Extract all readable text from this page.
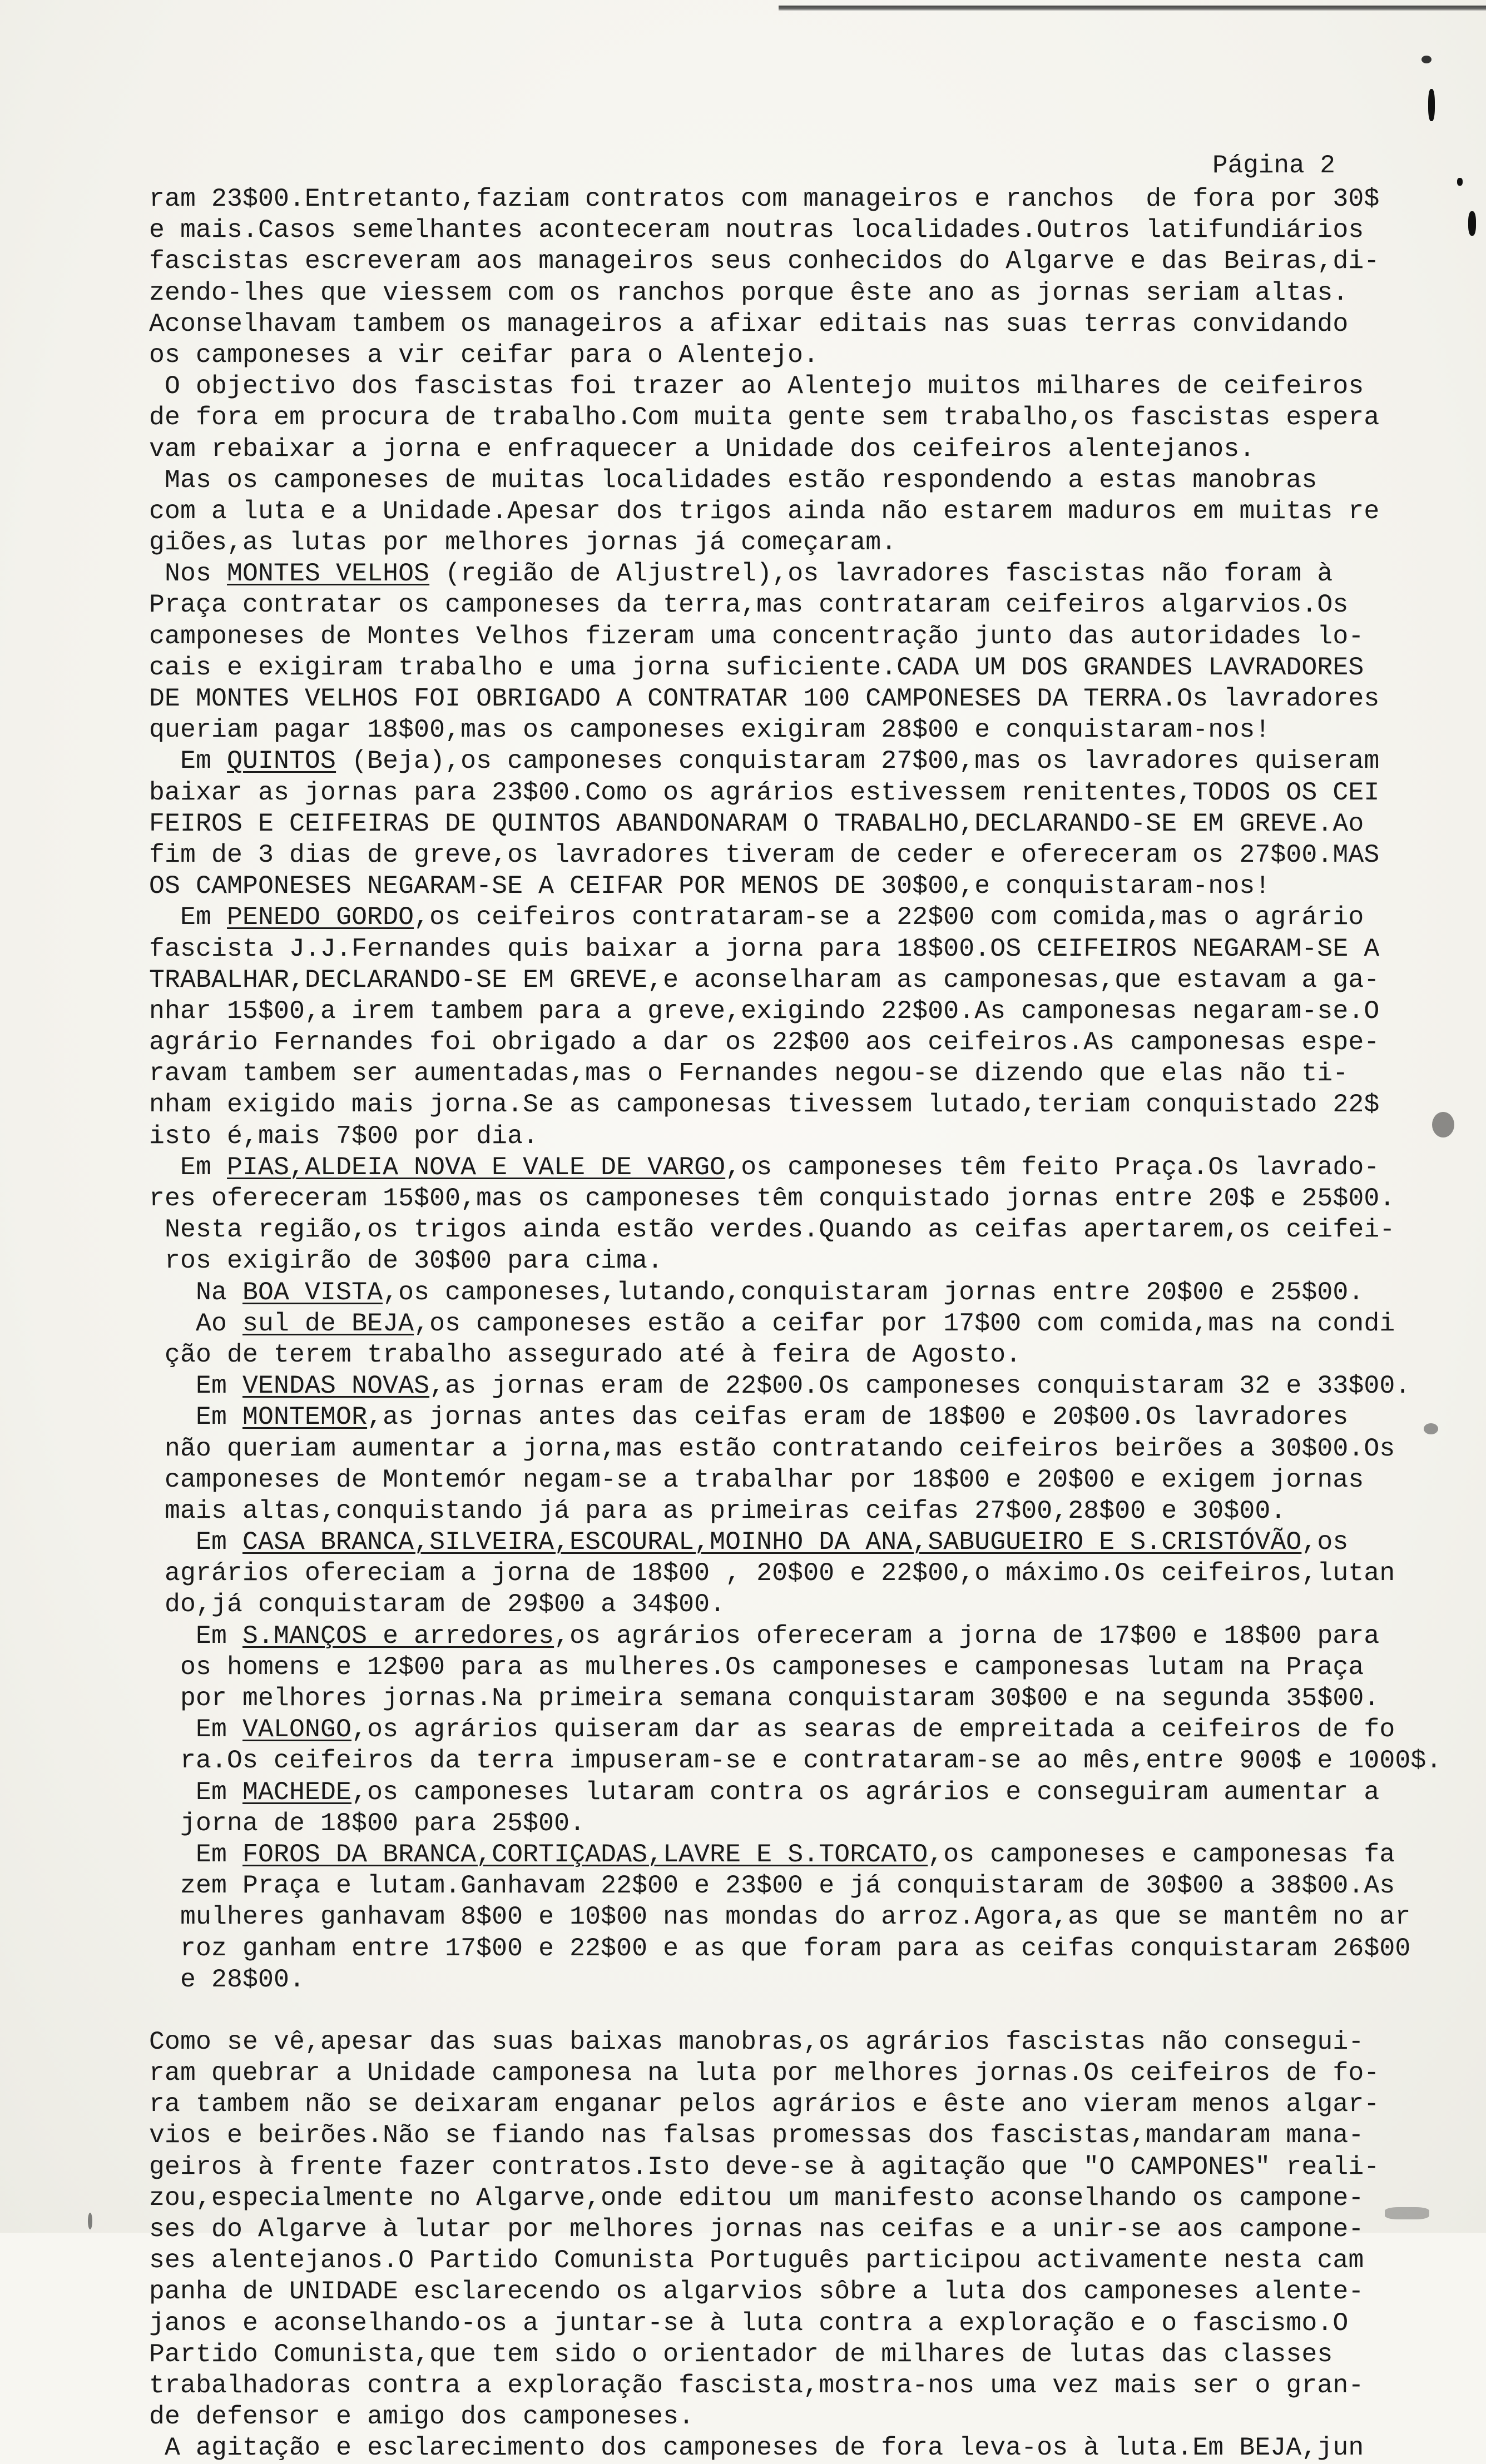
Página 2
ram 23$00.Entretanto,faziam contratos com manageiros e ranchos  de fora por 30$
e mais.Casos semelhantes aconteceram noutras localidades.Outros latifundiários
fascistas escreveram aos manageiros seus conhecidos do Algarve e das Beiras,di-
zendo-lhes que viessem com os ranchos porque êste ano as jornas seriam altas.
Aconselhavam tambem os manageiros a afixar editais nas suas terras convidando
os camponeses a vir ceifar para o Alentejo.
O objectivo dos fascistas foi trazer ao Alentejo muitos milhares de ceifeiros
de fora em procura de trabalho.Com muita gente sem trabalho,os fascistas espera
vam rebaixar a jorna e enfraquecer a Unidade dos ceifeiros alentejanos.
Mas os camponeses de muitas localidades estão respondendo a estas manobras
com a luta e a Unidade.Apesar dos trigos ainda não estarem maduros em muitas re
giões,as lutas por melhores jornas já começaram.
Nos MONTES VELHOS (região de Aljustrel),os lavradores fascistas não foram à
Praça contratar os camponeses da terra,mas contrataram ceifeiros algarvios.Os
camponeses de Montes Velhos fizeram uma concentração junto das autoridades lo-
cais e exigiram trabalho e uma jorna suficiente.CADA UM DOS GRANDES LAVRADORES
DE MONTES VELHOS FOI OBRIGADO A CONTRATAR 100 CAMPONESES DA TERRA.Os lavradores
queriam pagar 18$00,mas os camponeses exigiram 28$00 e conquistaram-nos!
Em QUINTOS (Beja),os camponeses conquistaram 27$00,mas os lavradores quiseram
baixar as jornas para 23$00.Como os agrários estivessem renitentes,TODOS OS CEI
FEIROS E CEIFEIRAS DE QUINTOS ABANDONARAM O TRABALHO,DECLARANDO-SE EM GREVE.Ao
fim de 3 dias de greve,os lavradores tiveram de ceder e ofereceram os 27$00.MAS
OS CAMPONESES NEGARAM-SE A CEIFAR POR MENOS DE 30$00,e conquistaram-nos!
Em PENEDO GORDO,os ceifeiros contrataram-se a 22$00 com comida,mas o agrário
fascista J.J.Fernandes quis baixar a jorna para 18$00.OS CEIFEIROS NEGARAM-SE A
TRABALHAR,DECLARANDO-SE EM GREVE,e aconselharam as camponesas,que estavam a ga-
nhar 15$00,a irem tambem para a greve,exigindo 22$00.As camponesas negaram-se.O
agrário Fernandes foi obrigado a dar os 22$00 aos ceifeiros.As camponesas espe-
ravam tambem ser aumentadas,mas o Fernandes negou-se dizendo que elas não ti-
nham exigido mais jorna.Se as camponesas tivessem lutado,teriam conquistado 22$
isto é,mais 7$00 por dia.
Em PIAS,ALDEIA NOVA E VALE DE VARGO,os camponeses têm feito Praça.Os lavrado-
res ofereceram 15$00,mas os camponeses têm conquistado jornas entre 20$ e 25$00.
Nesta região,os trigos ainda estão verdes.Quando as ceifas apertarem,os ceifei-
ros exigirão de 30$00 para cima.
Na BOA VISTA,os camponeses,lutando,conquistaram jornas entre 20$00 e 25$00.
Ao sul de BEJA,os camponeses estão a ceifar por 17$00 com comida,mas na condi
ção de terem trabalho assegurado até à feira de Agosto.
Em VENDAS NOVAS,as jornas eram de 22$00.Os camponeses conquistaram 32 e 33$00.
Em MONTEMOR,as jornas antes das ceifas eram de 18$00 e 20$00.Os lavradores
não queriam aumentar a jorna,mas estão contratando ceifeiros beirões a 30$00.Os
camponeses de Montemór negam-se a trabalhar por 18$00 e 20$00 e exigem jornas
mais altas,conquistando já para as primeiras ceifas 27$00,28$00 e 30$00.
Em CASA BRANCA,SILVEIRA,ESCOURAL,MOINHO DA ANA,SABUGUEIRO E S.CRISTÓVÃO,os
agrários ofereciam a jorna de 18$00 , 20$00 e 22$00,o máximo.Os ceifeiros,lutan
do,já conquistaram de 29$00 a 34$00.
Em S.MANÇOS e arredores,os agrários ofereceram a jorna de 17$00 e 18$00 para
os homens e 12$00 para as mulheres.Os camponeses e camponesas lutam na Praça
por melhores jornas.Na primeira semana conquistaram 30$00 e na segunda 35$00.
Em VALONGO,os agrários quiseram dar as searas de empreitada a ceifeiros de fo
ra.Os ceifeiros da terra impuseram-se e contrataram-se ao mês,entre 900$ e 1000$.
Em MACHEDE,os camponeses lutaram contra os agrários e conseguiram aumentar a
jorna de 18$00 para 25$00.
Em FOROS DA BRANCA,CORTIÇADAS,LAVRE E S.TORCATO,os camponeses e camponesas fa
zem Praça e lutam.Ganhavam 22$00 e 23$00 e já conquistaram de 30$00 a 38$00.As
mulheres ganhavam 8$00 e 10$00 nas mondas do arroz.Agora,as que se mantêm no ar
roz ganham entre 17$00 e 22$00 e as que foram para as ceifas conquistaram 26$00
e 28$00.
Como se vê,apesar das suas baixas manobras,os agrários fascistas não consegui-
ram quebrar a Unidade camponesa na luta por melhores jornas.Os ceifeiros de fo-
ra tambem não se deixaram enganar pelos agrários e êste ano vieram menos algar-
vios e beirões.Não se fiando nas falsas promessas dos fascistas,mandaram mana-
geiros à frente fazer contratos.Isto deve-se à agitação que "O CAMPONES" reali-
zou,especialmente no Algarve,onde editou um manifesto aconselhando os campone-
ses do Algarve à lutar por melhores jornas nas ceifas e a unir-se aos campone-
ses alentejanos.O Partido Comunista Português participou activamente nesta cam
panha de UNIDADE esclarecendo os algarvios sôbre a luta dos camponeses alente-
janos e aconselhando-os a juntar-se à luta contra a exploração e o fascismo.O
Partido Comunista,que tem sido o orientador de milhares de lutas das classes
trabalhadoras contra a exploração fascista,mostra-nos uma vez mais ser o gran-
de defensor e amigo dos camponeses.
A agitação e esclarecimento dos camponeses de fora leva-os à luta.Em BEJA,jun
